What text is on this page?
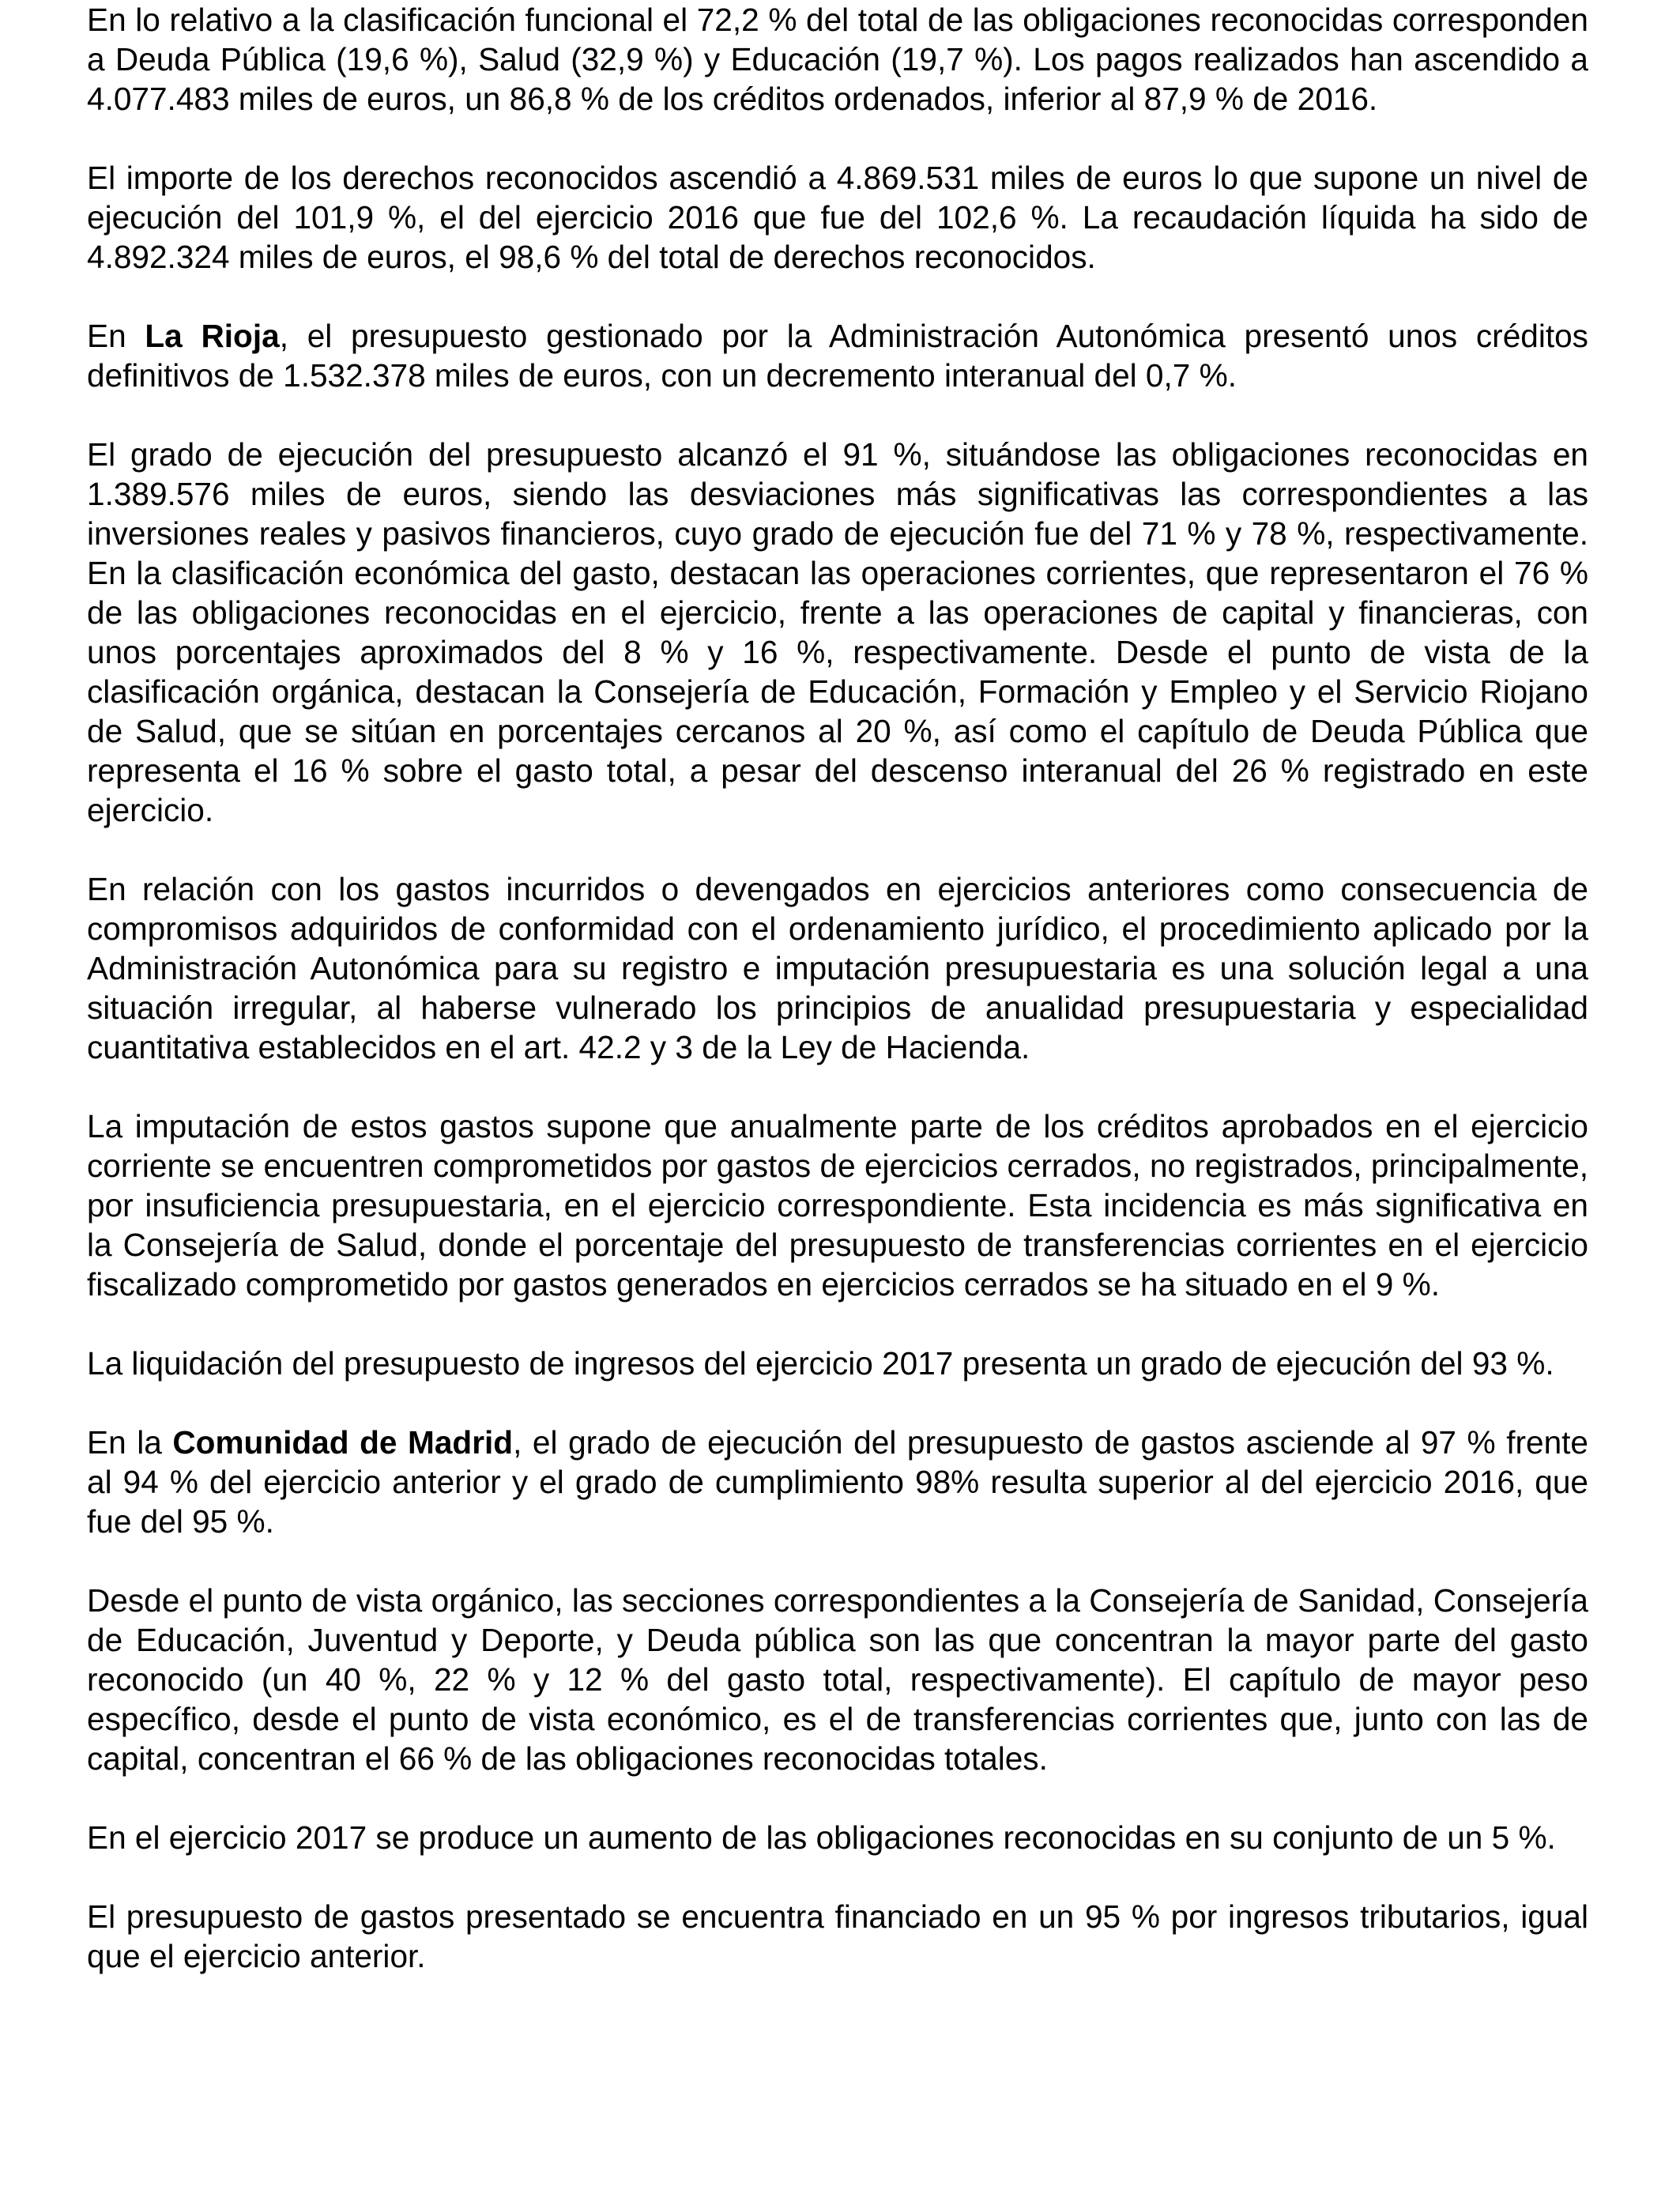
En lo relativo a la clasificación funcional el 72,2 % del total de las obligaciones reconocidas corresponden a Deuda Pública (19,6 %), Salud (32,9 %) y Educación (19,7 %). Los pagos realizados han ascendido a 4.077.483 miles de euros, un 86,8 % de los créditos ordenados, inferior al 87,9 % de 2016.

El importe de los derechos reconocidos ascendió a 4.869.531 miles de euros lo que supone un nivel de ejecución del 101,9 %, el del ejercicio 2016 que fue del 102,6 %. La recaudación líquida ha sido de 4.892.324 miles de euros, el 98,6 % del total de derechos reconocidos.

En La Rioja, el presupuesto gestionado por la Administración Autonómica presentó unos créditos definitivos de 1.532.378 miles de euros, con un decremento interanual del 0,7 %.

El grado de ejecución del presupuesto alcanzó el 91 %, situándose las obligaciones reconocidas en 1.389.576 miles de euros, siendo las desviaciones más significativas las correspondientes a las inversiones reales y pasivos financieros, cuyo grado de ejecución fue del 71 % y 78 %, respectivamente. En la clasificación económica del gasto, destacan las operaciones corrientes, que representaron el 76 % de las obligaciones reconocidas en el ejercicio, frente a las operaciones de capital y financieras, con unos porcentajes aproximados del 8 % y 16 %, respectivamente. Desde el punto de vista de la clasificación orgánica, destacan la Consejería de Educación, Formación y Empleo y el Servicio Riojano de Salud, que se sitúan en porcentajes cercanos al 20 %, así como el capítulo de Deuda Pública que representa el 16 % sobre el gasto total, a pesar del descenso interanual del 26 % registrado en este ejercicio.

En relación con los gastos incurridos o devengados en ejercicios anteriores como consecuencia de compromisos adquiridos de conformidad con el ordenamiento jurídico, el procedimiento aplicado por la Administración Autonómica para su registro e imputación presupuestaria es una solución legal a una situación irregular, al haberse vulnerado los principios de anualidad presupuestaria y especialidad cuantitativa establecidos en el art. 42.2 y 3 de la Ley de Hacienda.

La imputación de estos gastos supone que anualmente parte de los créditos aprobados en el ejercicio corriente se encuentren comprometidos por gastos de ejercicios cerrados, no registrados, principalmente, por insuficiencia presupuestaria, en el ejercicio correspondiente. Esta incidencia es más significativa en la Consejería de Salud, donde el porcentaje del presupuesto de transferencias corrientes en el ejercicio fiscalizado comprometido por gastos generados en ejercicios cerrados se ha situado en el 9 %.

La liquidación del presupuesto de ingresos del ejercicio 2017 presenta un grado de ejecución del 93 %.

En la Comunidad de Madrid, el grado de ejecución del presupuesto de gastos asciende al 97 % frente al 94 % del ejercicio anterior y el grado de cumplimiento 98% resulta superior al del ejercicio 2016, que fue del 95 %.

Desde el punto de vista orgánico, las secciones correspondientes a la Consejería de Sanidad, Consejería de Educación, Juventud y Deporte, y Deuda pública son las que concentran la mayor parte del gasto reconocido (un 40 %, 22 % y 12 % del gasto total, respectivamente). El capítulo de mayor peso específico, desde el punto de vista económico, es el de transferencias corrientes que, junto con las de capital, concentran el 66 % de las obligaciones reconocidas totales.

En el ejercicio 2017 se produce un aumento de las obligaciones reconocidas en su conjunto de un 5 %.

El presupuesto de gastos presentado se encuentra financiado en un 95 % por ingresos tributarios, igual que el ejercicio anterior.
